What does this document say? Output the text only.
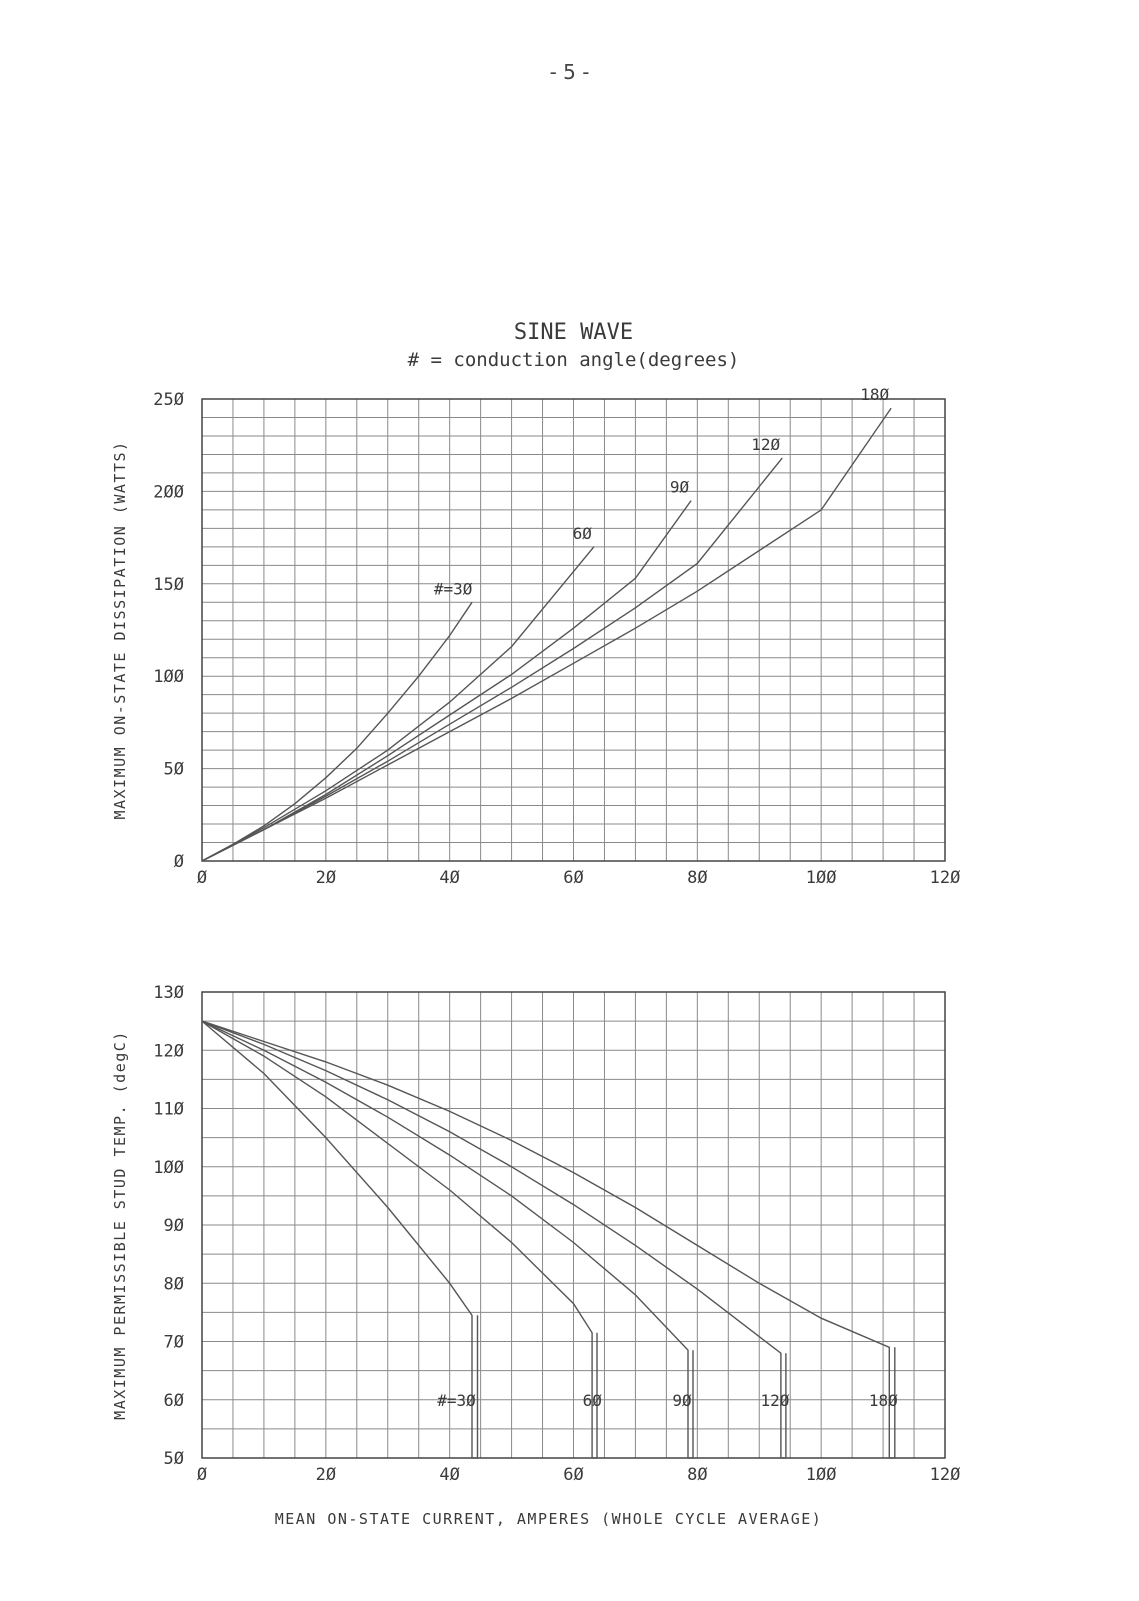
- 5 -
Ø	2Ø	4Ø	6Ø	8Ø	1ØØ	12Ø
Ø
5Ø
1ØØ
15Ø
2ØØ
25Ø
SINE WAVE
# = conduction angle(degrees)
MAXIMUM ON-STATE DISSIPATION (WATTS)	#=3Ø
6Ø
9Ø
12Ø
18Ø
Ø	2Ø	4Ø	6Ø	8Ø	1ØØ	12Ø
5Ø
6Ø
7Ø
8Ø
9Ø
1ØØ
11Ø
12Ø
13Ø
MAXIMUM PERMISSIBLE STUD TEMP. (degC)
MEAN ON-STATE CURRENT, AMPERES (WHOLE CYCLE AVERAGE)
#=3Ø	6Ø	9Ø	12Ø	18Ø
